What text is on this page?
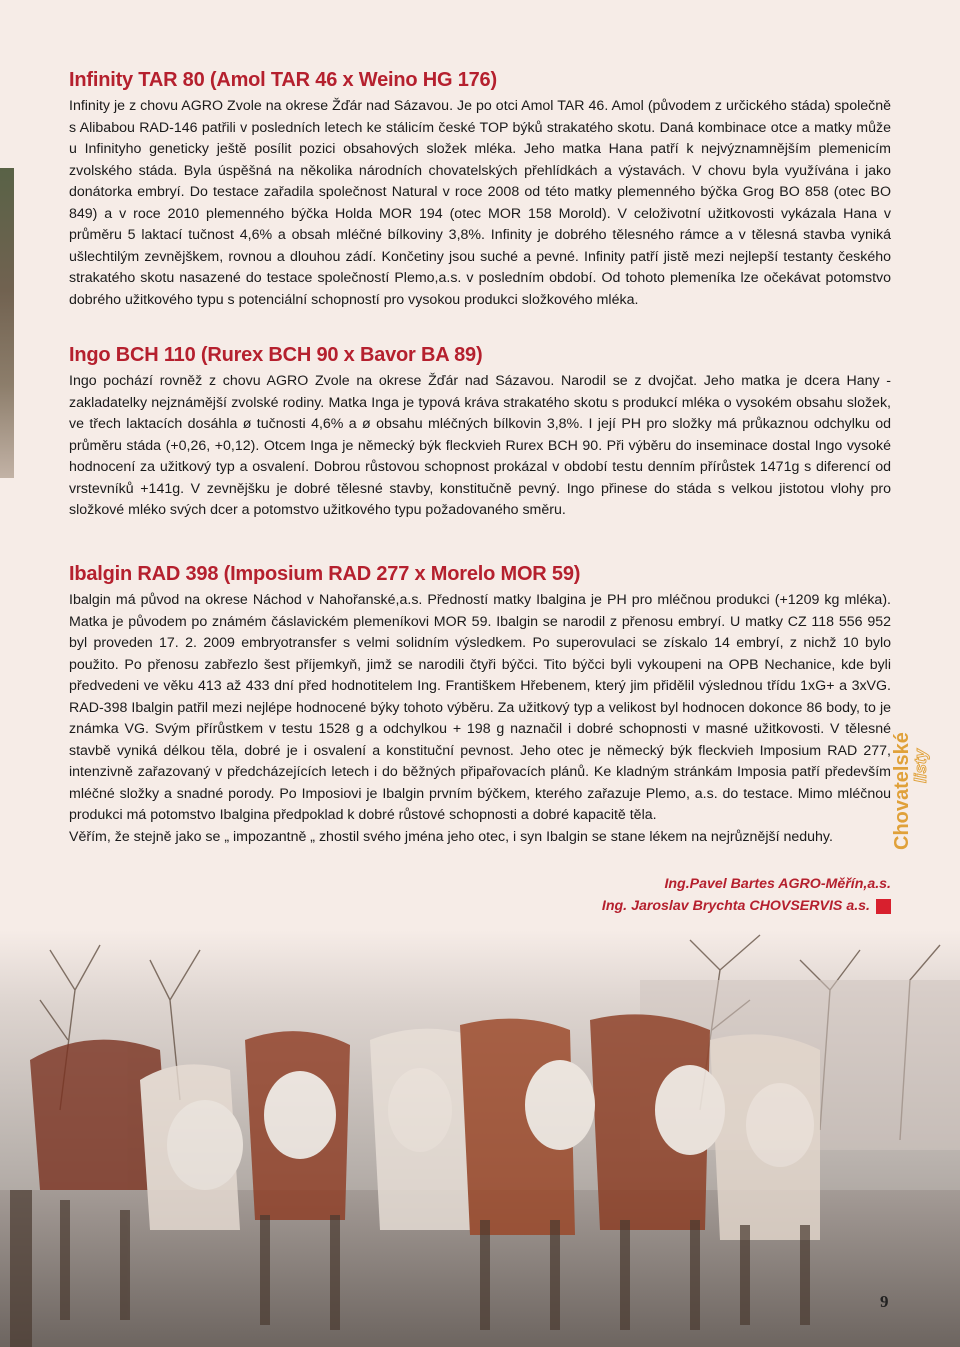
Infinity TAR 80 (Amol TAR 46 x Weino HG 176)

Infinity je z chovu AGRO Zvole na okrese Žďár nad Sázavou. Je po otci Amol TAR 46. Amol (původem z určického stáda) společně s Alibabou RAD-146 patřili v posledních letech ke stálicím české TOP býků strakatého skotu. Daná kombinace otce a matky může u Infinityho geneticky ještě posílit pozici obsahových složek mléka. Jeho matka Hana patří k nejvýznamnějším plemenicím zvolského stáda. Byla úspěšná na několika národních chovatelských přehlídkách a výstavách. V chovu byla využívána i jako donátorka embryí. Do testace zařadila společnost Natural v roce 2008 od této matky plemenného býčka Grog BO 858 (otec BO 849) a v roce 2010 plemenného býčka Holda MOR 194 (otec MOR 158 Morold). V celoživotní užitkovosti vykázala Hana v průměru 5 laktací tučnost 4,6% a obsah mléčné bílkoviny 3,8%. Infinity je dobrého tělesného rámce a v tělesná stavba vyniká ušlechtilým zevnějškem, rovnou a dlouhou zádí. Končetiny jsou suché a pevné. Infinity patří jistě mezi nejlepší testanty českého strakatého skotu nasazené do testace společností Plemo,a.s. v posledním období. Od tohoto plemeníka lze očekávat potomstvo dobrého užitkového typu s potenciální schopností pro vysokou produkci složkového mléka.

Ingo BCH 110 (Rurex BCH 90 x Bavor BA 89)

Ingo pochází rovněž z chovu AGRO Zvole na okrese Žďár nad Sázavou. Narodil se z dvojčat. Jeho matka je dcera Hany - zakladatelky nejznámější zvolské rodiny. Matka Inga je typová kráva strakatého skotu s produkcí mléka o vysokém obsahu složek, ve třech laktacích dosáhla ø tučnosti 4,6% a ø obsahu mléčných bílkovin 3,8%. I její PH pro složky má průkaznou odchylku od průměru stáda (+0,26, +0,12). Otcem Inga je německý býk fleckvieh Rurex BCH 90. Při výběru do inseminace dostal Ingo vysoké hodnocení za užitkový typ a osvalení. Dobrou růstovou schopnost prokázal v období testu denním přírůstek 1471g s diferencí od vrstevníků +141g. V zevnějšku je dobré tělesné stavby, konstitučně pevný. Ingo přinese do stáda s velkou jistotou vlohy pro složkové mléko svých dcer a potomstvo užitkového typu požadovaného směru.

Ibalgin RAD 398 (Imposium RAD 277 x Morelo MOR 59)

Ibalgin má původ na okrese Náchod v Nahořanské,a.s. Předností matky Ibalgina je PH pro mléčnou produkci (+1209 kg mléka). Matka je původem po známém čáslavickém plemeníkovi MOR 59. Ibalgin se narodil z přenosu embryí. U matky CZ 118 556 952 byl proveden 17. 2. 2009 embryotransfer s velmi solidním výsledkem. Po superovulaci se získalo 14 embryí, z nichž 10 bylo použito. Po přenosu zabřezlo šest příjemkyň, jimž se narodili čtyři býčci. Tito býčci byli vykoupeni na OPB Nechanice, kde byli předvedeni ve věku 413 až 433 dní před hodnotitelem Ing. Františkem Hřebenem, který jim přidělil výslednou třídu 1xG+ a 3xVG. RAD-398 Ibalgin patřil mezi nejlépe hodnocené býky tohoto výběru. Za užitkový typ a velikost byl hodnocen dokonce 86 body, to je známka VG. Svým přírůstkem v testu 1528 g a odchylkou + 198 g naznačil i dobré schopnosti v masné užitkovosti. V tělesné stavbě vyniká délkou těla, dobré je i osvalení a konstituční pevnost. Jeho otec je německý býk fleckvieh Imposium RAD 277, intenzivně zařazovaný v předcházejících letech i do běžných připařovacích plánů. Ke kladným stránkám Imposia patří především mléčné složky a snadné porody. Po Imposiovi je Ibalgin prvním býčkem, kterého zařazuje Plemo, a.s. do testace. Mimo mléčnou produkci má potomstvo Ibalgina předpoklad k dobré růstové schopnosti a dobré kapacitě těla.

Věřím, že stejně jako se „ impozantně „ zhostil svého jména jeho otec, i syn Ibalgin se stane lékem na nejrůznější neduhy.

Ing.Pavel Bartes AGRO-Měřín,a.s.
Ing. Jaroslav Brychta CHOVSERVIS a.s.
Chovatelské
listy
9
